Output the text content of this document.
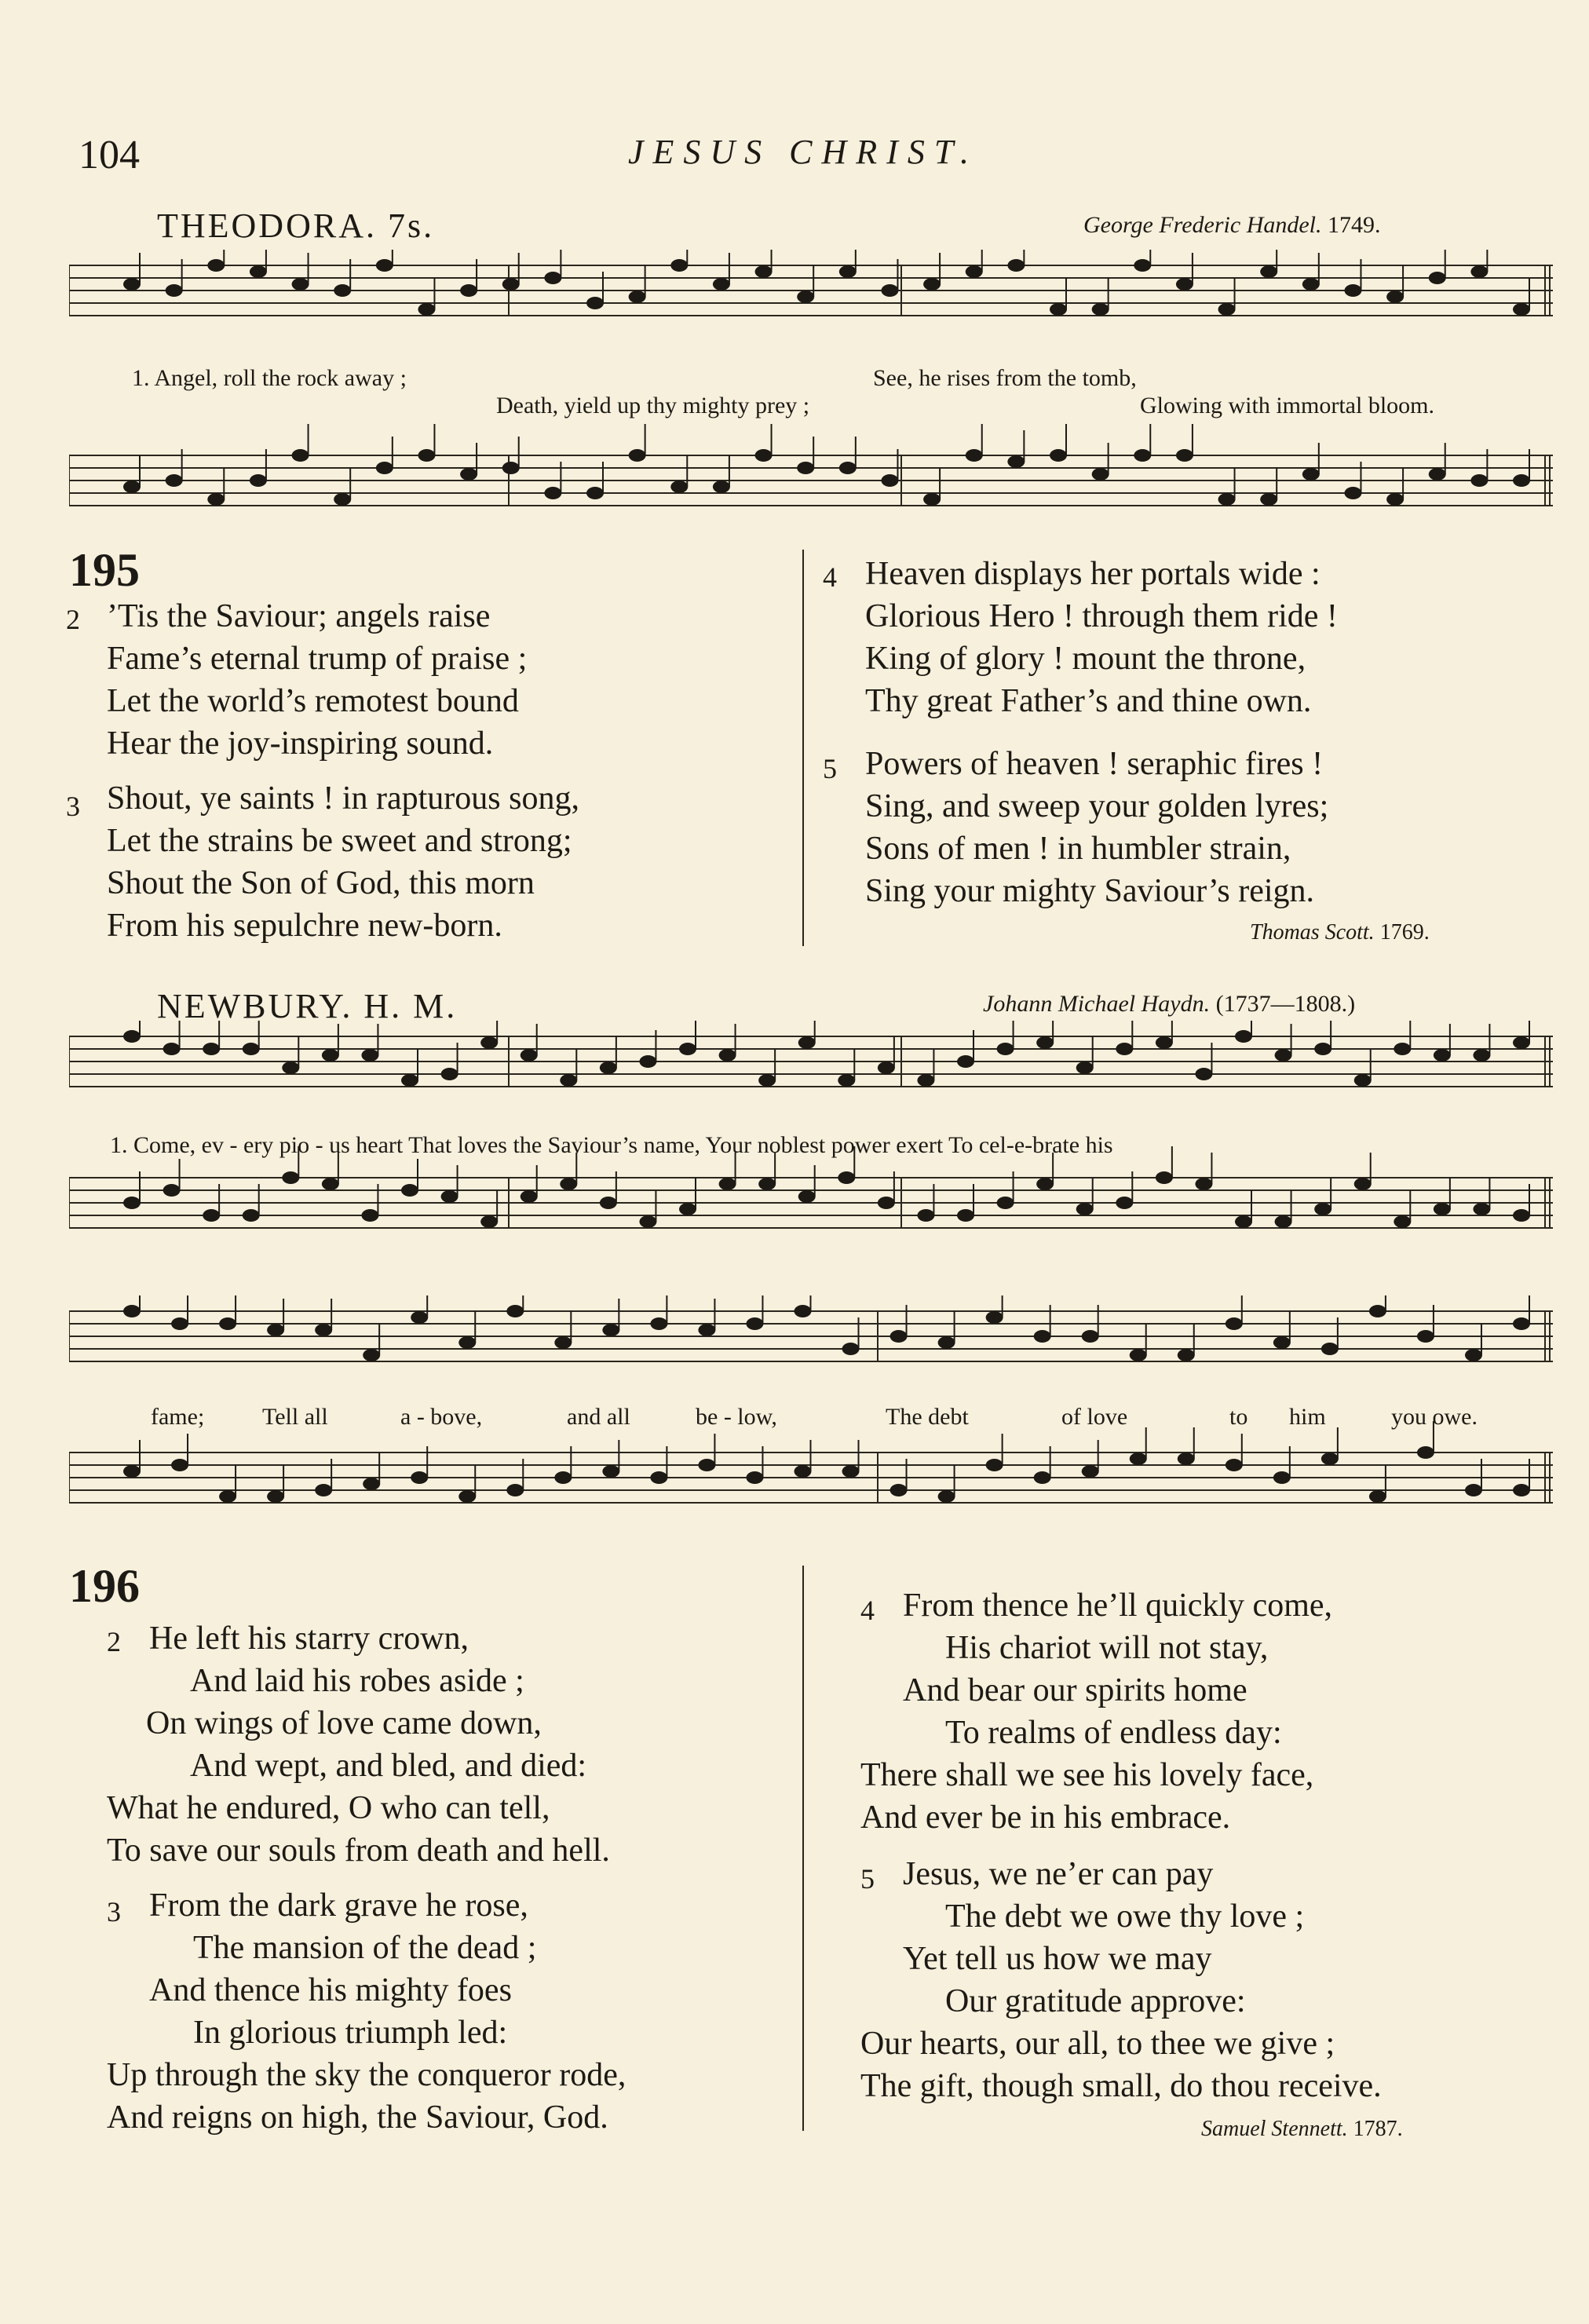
104	JESUS CHRIST.
THEODORA. 7s.	George Frederic Handel. 1749.
1. Angel, roll the rock away ;	See, he rises from the tomb,
Death, yield up thy mighty prey ;	Glowing with immortal bloom.
195
’Tis the Saviour; angels raise
Fame’s eternal trump of praise ;
Let the world’s remotest bound
Hear the joy-inspiring sound.
2
Shout, ye saints ! in rapturous song,
Let the strains be sweet and strong;
Shout the Son of God, this morn
From his sepulchre new-born.
3
Heaven displays her portals wide :
Glorious Hero ! through them ride !
King of glory ! mount the throne,
Thy great Father’s and thine own.
4
Powers of heaven ! seraphic fires !
Sing, and sweep your golden lyres;
Sons of men ! in humbler strain,
Sing your mighty Saviour’s reign.
5
Thomas Scott. 1769.
NEWBURY. H. M.	Johann Michael Haydn. (1737—1808.)
1. Come, ev - ery pio - us heart That loves the Saviour’s name, Your noblest power exert To cel-e-brate his
fame; Tell all	a - bove,	and all	be - low,	The debt	of love	to him	you owe.
196
He left his starry crown,
And laid his robes aside ;
On wings of love came down,
And wept, and bled, and died:
What he endured, O who can tell,
To save our souls from death and hell.
2
From the dark grave he rose,
The mansion of the dead ;
And thence his mighty foes
In glorious triumph led:
Up through the sky the conqueror rode,
And reigns on high, the Saviour, God.
3
From thence he’ll quickly come,
His chariot will not stay,
And bear our spirits home
To realms of endless day:
There shall we see his lovely face,
And ever be in his embrace.
4
Jesus, we ne’er can pay
The debt we owe thy love ;
Yet tell us how we may
Our gratitude approve:
Our hearts, our all, to thee we give ;
The gift, though small, do thou receive.
5
Samuel Stennett. 1787.
